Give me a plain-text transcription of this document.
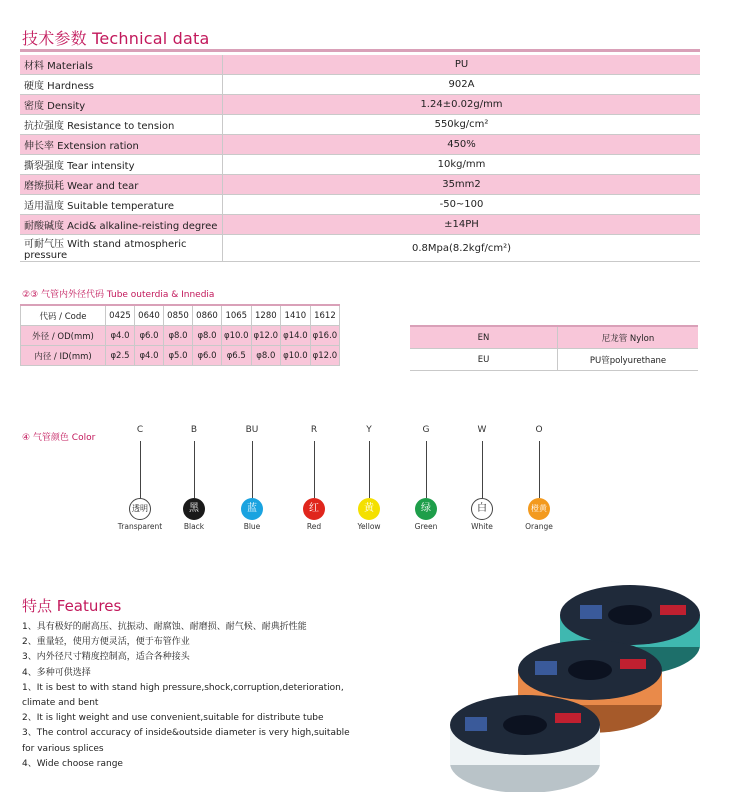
技术参数 Technical data
材料 Materials	PU
硬度 Hardness	902A
密度 Density	1.24±0.02g/mm
抗拉强度 Resistance to tension	550kg/cm²
伸长率 Extension ration	450%
撕裂强度 Tear intensity	10kg/mm
磨擦损耗 Wear and tear	35mm2
适用温度 Suitable temperature	-50~100
耐酸碱度 Acid& alkaline-reisting degree	±14PH
可耐气压 With stand atmospheric pressure	0.8Mpa(8.2kgf/cm²)
②③ 气管内外径代码 Tube outerdia & Innedia
代码 / Code	0425	0640	0850	0860	1065	1280	1410	1612
外径 / OD(mm)	φ4.0	φ6.0	φ8.0	φ8.0	φ10.0	φ12.0	φ14.0	φ16.0
内径 / ID(mm)	φ2.5	φ4.0	φ5.0	φ6.0	φ6.5	φ8.0	φ10.0	φ12.0
EN	尼龙管 Nylon
EU	PU管polyurethane
④ 气管颜色 Color
C
透明
Transparent
B
黑
Black
BU
蓝
Blue
R
红
Red
Y
黄
Yellow
G
绿
Green
W
白
White
O
橙黄
Orange
特点 Features
1、具有极好的耐高压、抗振动、耐腐蚀、耐磨损、耐气候、耐典折性能
2、重量轻，使用方便灵活，便于布管作业
3、内外径尺寸精度控制高，适合各种接头
4、多种可供选择
1、It is best to with stand high pressure,shock,corruption,deterioration,
climate and bent
2、It is light weight and use convenient,suitable for distribute tube
3、The control accuracy of inside&outside diameter is very high,suitable
for various splices
4、Wide choose range
